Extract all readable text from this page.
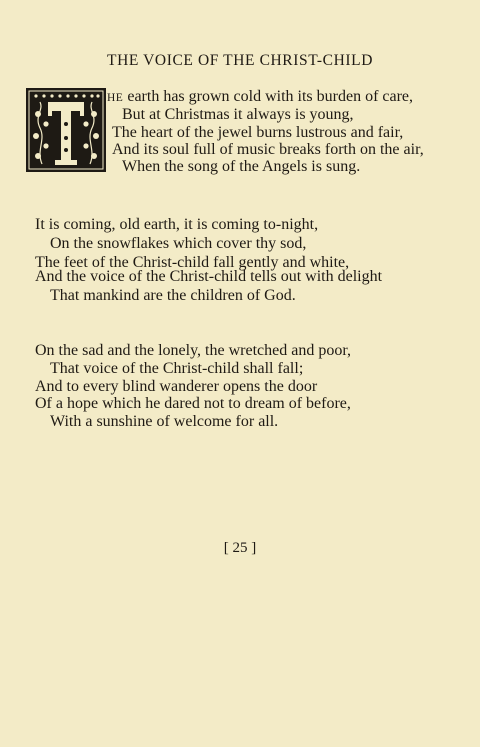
THE VOICE OF THE CHRIST-CHILD
HE earth has grown cold with its burden of care,
But at Christmas it always is young,
The heart of the jewel burns lustrous and fair,
And its soul full of music breaks forth on the air,
When the song of the Angels is sung.
It is coming, old earth, it is coming to-night,
On the snowflakes which cover thy sod,
The feet of the Christ-child fall gently and white,
And the voice of the Christ-child tells out with delight
That mankind are the children of God.
On the sad and the lonely, the wretched and poor,
That voice of the Christ-child shall fall;
And to every blind wanderer opens the door
Of a hope which he dared not to dream of before,
With a sunshine of welcome for all.
[ 25 ]
